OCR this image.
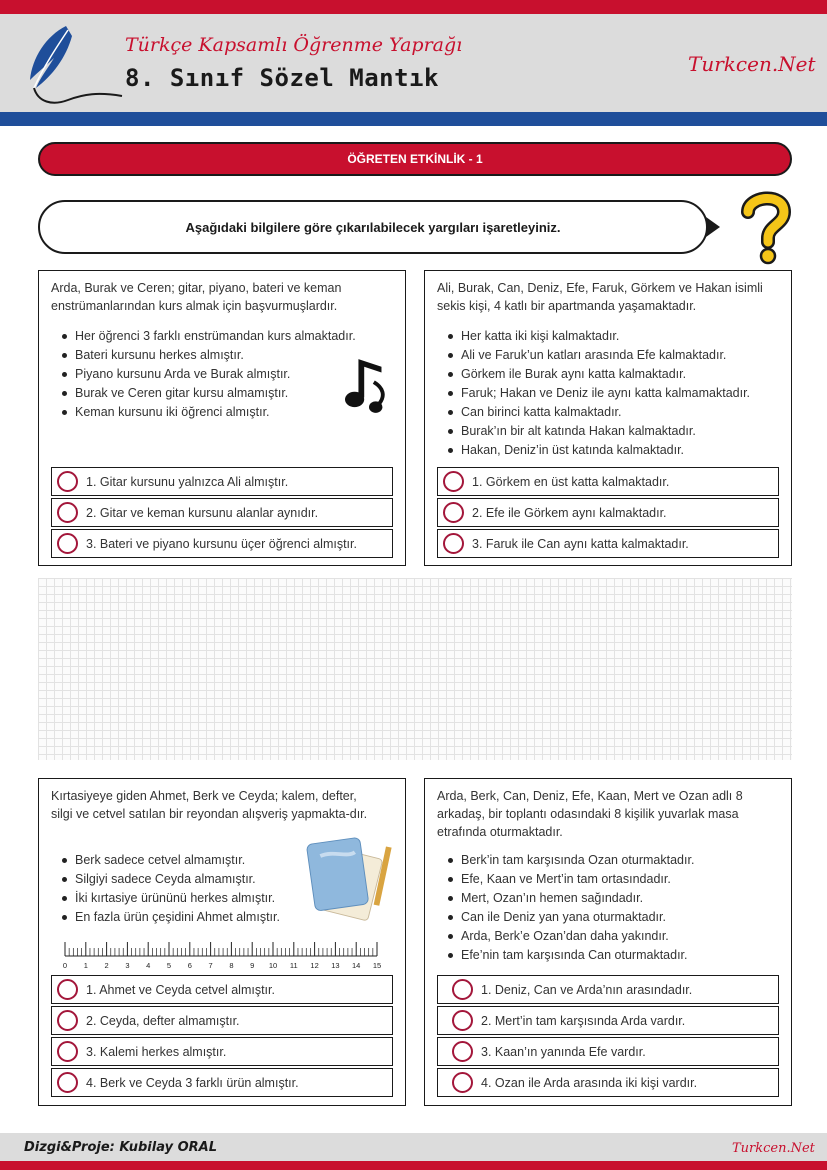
Türkçe Kapsamlı Öğrenme Yaprağı
8. Sınıf Sözel Mantık	Turkcen.Net
ÖĞRETEN ETKİNLİK - 1
Aşağıdaki bilgilere göre çıkarılabilecek yargıları işaretleyiniz.
Arda, Burak ve Ceren; gitar, piyano, bateri ve keman enstrümanlarından kurs almak için başvurmuşlardır.
Her öğrenci 3 farklı enstrümandan kurs almaktadır.
Bateri kursunu herkes almıştır.
Piyano kursunu Arda ve Burak almıştır.
Burak ve Ceren gitar kursu almamıştır.
Keman kursunu iki öğrenci almıştır.
1. Gitar kursunu yalnızca Ali almıştır.
2. Gitar ve keman kursunu alanlar aynıdır.
3. Bateri ve piyano kursunu üçer öğrenci almıştır.
Ali, Burak, Can, Deniz, Efe, Faruk, Görkem ve Hakan isimli sekis kişi, 4 katlı bir apartmanda yaşamaktadır.
Her katta iki kişi kalmaktadır.
Ali ve Faruk’un katları arasında Efe kalmaktadır.
Görkem ile Burak aynı katta kalmaktadır.
Faruk; Hakan ve Deniz ile aynı katta kalmamaktadır.
Can birinci katta kalmaktadır.
Burak’ın bir alt katında Hakan kalmaktadır.
Hakan, Deniz’in üst katında kalmaktadır.
1. Görkem en üst katta kalmaktadır.
2. Efe ile Görkem aynı kalmaktadır.
3. Faruk ile Can aynı katta kalmaktadır.
Kırtasiyeye giden Ahmet, Berk ve Ceyda; kalem, defter, silgi ve cetvel satılan bir reyondan alışveriş yapmakta-dır.
Berk sadece cetvel almamıştır.
Silgiyi sadece Ceyda almamıştır.
İki kırtasiye ürününü herkes almıştır.
En fazla ürün çeşidini Ahmet almıştır.
1. Ahmet ve Ceyda cetvel almıştır.
2. Ceyda, defter almamıştır.
3. Kalemi herkes almıştır.
4. Berk ve Ceyda 3 farklı ürün almıştır.
0 1 2 3 4 5 6 7 8 9 10 11 12 13 14 15
Arda, Berk, Can, Deniz, Efe, Kaan, Mert ve Ozan adlı 8 arkadaş, bir toplantı odasındaki 8 kişilik yuvarlak masa etrafında oturmaktadır.
Berk’in tam karşısında Ozan oturmaktadır.
Efe, Kaan ve Mert’in tam ortasındadır.
Mert, Ozan’ın hemen sağındadır.
Can ile Deniz yan yana oturmaktadır.
Arda, Berk’e Ozan’dan daha yakındır.
Efe’nin tam karşısında Can oturmaktadır.
1. Deniz, Can ve Arda’nın arasındadır.
2. Mert’in tam karşısında Arda vardır.
3. Kaan’ın yanında Efe vardır.
4. Ozan ile Arda arasında iki kişi vardır.
Dizgi&Proje: Kubilay ORAL	Turkcen.Net
